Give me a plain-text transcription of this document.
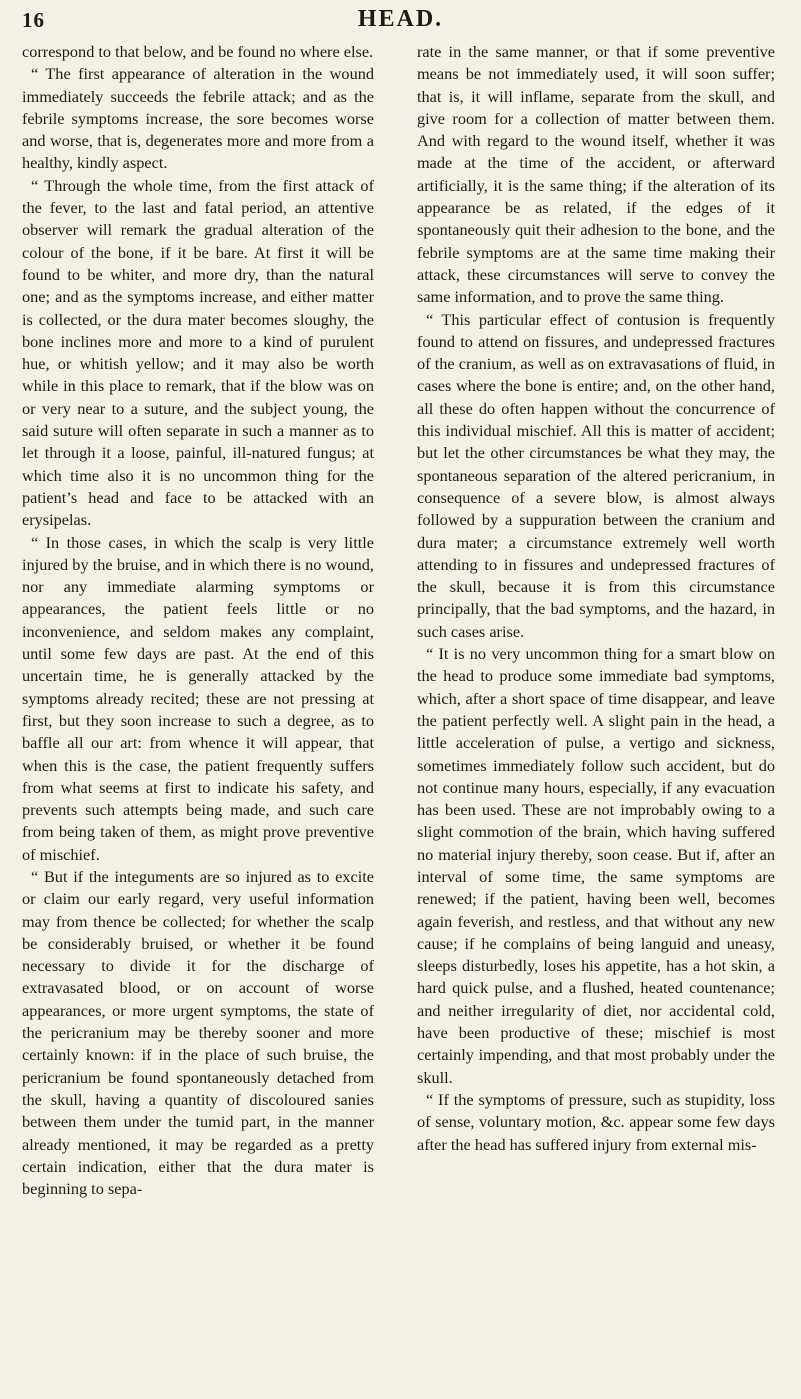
16	HEAD.

correspond to that below, and be found no where else.

“ The first appearance of alteration in the wound immediately succeeds the febrile attack; and as the febrile symptoms increase, the sore becomes worse and worse, that is, degenerates more and more from a healthy, kindly aspect.

“ Through the whole time, from the first attack of the fever, to the last and fatal period, an attentive observer will remark the gradual alteration of the colour of the bone, if it be bare. At first it will be found to be whiter, and more dry, than the natural one; and as the symptoms increase, and either matter is collected, or the dura mater becomes sloughy, the bone inclines more and more to a kind of purulent hue, or whitish yellow; and it may also be worth while in this place to remark, that if the blow was on or very near to a suture, and the subject young, the said suture will often separate in such a manner as to let through it a loose, painful, ill-natured fungus; at which time also it is no uncommon thing for the patient’s head and face to be attacked with an erysipelas.

“ In those cases, in which the scalp is very little injured by the bruise, and in which there is no wound, nor any immediate alarming symptoms or appearances, the patient feels little or no inconvenience, and seldom makes any complaint, until some few days are past. At the end of this uncertain time, he is generally attacked by the symptoms already recited; these are not pressing at first, but they soon increase to such a degree, as to baffle all our art: from whence it will appear, that when this is the case, the patient frequently suffers from what seems at first to indicate his safety, and prevents such attempts being made, and such care from being taken of them, as might prove preventive of mischief.

“ But if the integuments are so injured as to excite or claim our early regard, very useful information may from thence be collected; for whether the scalp be considerably bruised, or whether it be found necessary to divide it for the discharge of extravasated blood, or on account of worse appearances, or more urgent symptoms, the state of the pericranium may be thereby sooner and more certainly known: if in the place of such bruise, the pericranium be found spontaneously detached from the skull, having a quantity of discoloured sanies between them under the tumid part, in the manner already mentioned, it may be regarded as a pretty certain indication, either that the dura mater is beginning to sepa-

rate in the same manner, or that if some preventive means be not immediately used, it will soon suffer; that is, it will inflame, separate from the skull, and give room for a collection of matter between them. And with regard to the wound itself, whether it was made at the time of the accident, or afterward artificially, it is the same thing; if the alteration of its appearance be as related, if the edges of it spontaneously quit their adhesion to the bone, and the febrile symptoms are at the same time making their attack, these circumstances will serve to convey the same information, and to prove the same thing.

“ This particular effect of contusion is frequently found to attend on fissures, and undepressed fractures of the cranium, as well as on extravasations of fluid, in cases where the bone is entire; and, on the other hand, all these do often happen without the concurrence of this individual mischief. All this is matter of accident; but let the other circumstances be what they may, the spontaneous separation of the altered pericranium, in consequence of a severe blow, is almost always followed by a suppuration between the cranium and dura mater; a circumstance extremely well worth attending to in fissures and undepressed fractures of the skull, because it is from this circumstance principally, that the bad symptoms, and the hazard, in such cases arise.

“ It is no very uncommon thing for a smart blow on the head to produce some immediate bad symptoms, which, after a short space of time disappear, and leave the patient perfectly well. A slight pain in the head, a little acceleration of pulse, a vertigo and sickness, sometimes immediately follow such accident, but do not continue many hours, especially, if any evacuation has been used. These are not improbably owing to a slight commotion of the brain, which having suffered no material injury thereby, soon cease. But if, after an interval of some time, the same symptoms are renewed; if the patient, having been well, becomes again feverish, and restless, and that without any new cause; if he complains of being languid and uneasy, sleeps disturbedly, loses his appetite, has a hot skin, a hard quick pulse, and a flushed, heated countenance; and neither irregularity of diet, nor accidental cold, have been productive of these; mischief is most certainly impending, and that most probably under the skull.

“ If the symptoms of pressure, such as stupidity, loss of sense, voluntary motion, &c. appear some few days after the head has suffered injury from external mis-
